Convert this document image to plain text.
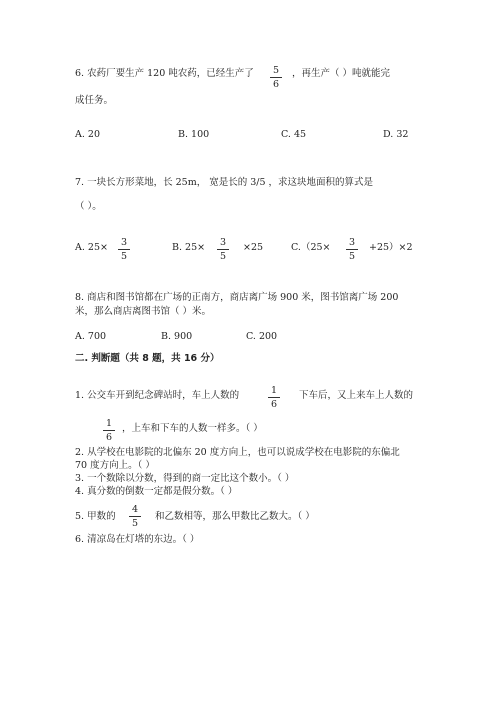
6. 农药厂要生产 120 吨农药，已经生产了	5
6
，再生产（ ）吨就能完
成任务。
A. 20	B. 100	C. 45	D. 32
7. 一块长方形菜地，长 25m， 宽是长的 3/5 ，求这块地面积的算式是
（ ）。
A. 25×	3
5
B. 25×	3
5
×25	C.（25×	3
5
+25）×2
8. 商店和图书馆都在广场的正南方，商店离广场 900 米，图书馆离广场 200
米，那么商店离图书馆（ ）米。
A. 700	B. 900	C. 200
二. 判断题（共 8 题，共 16 分）
1. 公交车开到纪念碑站时，车上人数的	1
6
下车后，又上来车上人数的
1
6
，上车和下车的人数一样多。（ ）
2. 从学校在电影院的北偏东 20 度方向上，也可以说成学校在电影院的东偏北
70 度方向上。（ ）
3. 一个数除以分数，得到的商一定比这个数小。（ ）
4. 真分数的倒数一定都是假分数。（ ）
5. 甲数的
4
5
和乙数相等，那么甲数比乙数大。（ ）
6. 清凉岛在灯塔的东边。（ ）
